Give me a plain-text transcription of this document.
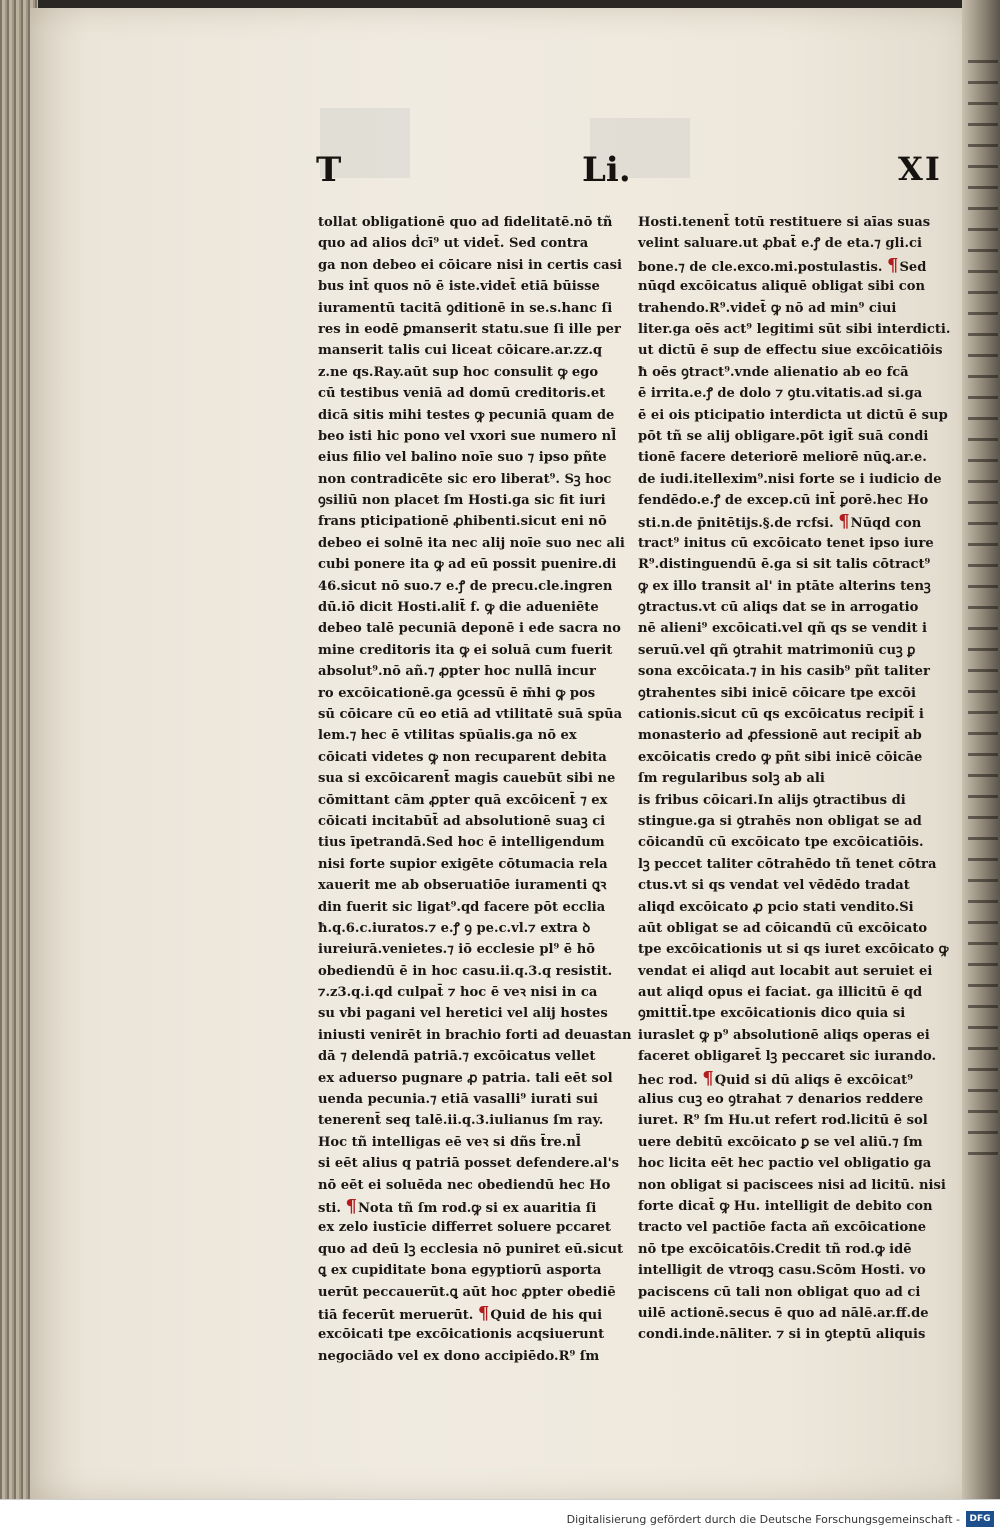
T	Li.	XI
tollat obligationē quo ad fidelitatē.nō tñ
quo ad alios ḋcī⁹ ut videt̄. Sed contra
ga non debeo ei cōicare nisi in certis casi
bus int̄ quos nō ē iste.videt̄ etiā būisse
iuramentū tacitā ꝯditionē in se.s.hanc ſi
res in eodē ꝑmanserit statu.sue ſi ille per
manserit talis cui liceat cōicare.ar.zz.q
z.ne qs.Ray.aūt sup hoc consulit ꝙ ego
cū testibus veniā ad domū creditoris.et
dicā sitis mihi testes ꝙ pecuniā quam de
beo isti hic pono vel vxori sue numero nl̄
eius filio vel balino noīe suo ⁊ ipso pñte
non contradicēte sic ero liberat⁹. Sꝫ hoc
ꝯsiliū non placet ſm Hosti.ga sic fit iuri
frans pticipationē ꝓhibenti.sicut eni nō
debeo ei solnē ita nec alij noīe suo nec ali
cubi ponere ita ꝙ ad eū possit puenire.di
46.sicut nō suo.⁊ e.ꝭ de precu.cle.ingren
dū.iō dicit Hosti.alit̄ f. ꝙ die adueniēte
debeo talē pecuniā deponē i ede sacra no
mine creditoris ita ꝙ ei soluā cum fuerit
absolut⁹.nō añ.⁊ ꝓpter hoc nullā incur
ro excōicationē.ga ꝯcessū ē m̄hi ꝙ pos
sū cōicare cū eo etiā ad vtilitatē suā spūa
lem.⁊ hec ē vtilitas spūalis.ga nō ex
cōicati videtes ꝙ non recuparent debita
sua si excōicarent̄ magis cauebūt sibi ne
cōmittant cām ꝓpter quā excōicent̄ ⁊ ex
cōicati incitabūt̄ ad absolutionē suaꝫ ci
tius īpetrandā.Sed hoc ē intelligendum
nisi forte supior exigēte cōtumacia rela
xauerit me ab obseruatiōe iuramenti ꝗꝛ
din fuerit sic ligat⁹.qd facere pōt ecclia
ħ.q.6.c.iuratos.⁊ e.ꝭ ꝯ pe.c.vl.⁊ extra ꝺ
iureiurā.venietes.⁊ iō ecclesie pl⁹ ē hō
obediendū ē in hoc casu.ii.q.3.q resistit.
⁊.z3.q.i.qd culpat̄ ⁊ hoc ē veꝛ nisi in ca
su vbi pagani vel heretici vel alij hostes
iniusti venirēt in brachio forti ad deuastan
dā ⁊ delendā patriā.⁊ excōicatus vellet
ex aduerso pugnare ꝓ patria. tali eēt sol
uenda pecunia.⁊ etiā vasalli⁹ iurati sui
tenerent̄ seq talē.ii.q.3.iulianus ſm ray.
Hoc tñ intelligas eē veꝛ si dñs t̄re.nl̄
si eēt alius q patriā posset defendere.al's
nō eēt ei soluēda nec obediendū hec Ho
sti. ¶Nota tñ ſm rod.ꝙ si ex auaritia ſi
ex zelo iustīcie differret soluere pcca​ret
quo ad deū lꝫ ecclesia nō puniret eū.sicut
ꝗ ex cupiditate bona egyptiorū asporta
uerūt peccauerūt.ꝗ aūt hoc ꝓpter obediē
tiā fecerūt meruerūt. ¶Quid de his qui
excōicati tpe excōicationis acqsiuerunt
negociādo vel ex dono accipiēdo.R⁹ ſm
Hosti.tenent̄ totū restituere si aīas suas
velint saluare.ut ꝓbat̄ e.ꝭ de eta.⁊ gli.ci
bone.⁊ de cle.exco.mi.postulastis. ¶Sed
nūqd excōicatus aliquē obligat sibi con
trahendo.R⁹.videt̄ ꝙ nō ad min⁹ ciui
liter.ga oēs act⁹ legitimi sūt sibi interdicti.
ut dictū ē sup de effectu siue excōicatiōis
ħ oēs ꝯtract⁹.vnde alienatio ab eo fcā
ē irrita.e.ꝭ de dolo ⁊ ꝯtu.vitatis.ad si.ga
ē ei ois pticipatio interdicta ut dictū ē sup
pōt tñ se alij obligare.pōt igit̄ suā condi
tionē facere deteriorē meliorē nūꝗ.ar.e.
de iudi.itellexim⁹.nisi forte se i iudicio de
fendēdo.e.ꝭ de excep.cū int̄ ꝑorē.hec Ho
sti.n.de p̄nitētijs.§.de rcfsi. ¶Nūqd con
tract⁹ initus cū excōicato tenet ipso iure
R⁹.distinguendū ē.ga si sit talis cōtract⁹
ꝙ ex illo transit al' in ptāte alterins tenꝫ
ꝯtractus.vt cū aliqs dat se in arrogatio
nē alieni⁹ excōicati.vel qñ qs se vendit i
seruū.vel qñ ꝯtrahit matrimoniū cuꝫ ꝑ
sona excōicata.⁊ in his casib⁹ pñt taliter
ꝯtrahentes sibi inicē cōicare tpe excōi
cationis.sicut cū qs excōicatus recipit̄ i
monasterio ad ꝓfessionē aut recipit̄ ab
excōicatis credo ꝙ pñt sibi inicē cōicāe
ſm regularibus solꝫ ab ali
is fribus cōicari.In alijs ꝯtractibus di
stingue.ga si ꝯtrahēs non obligat se ad
cōicandū cū excōicato tpe excōicatiōis.
lꝫ peccet taliter cōtrahēdo tñ tenet cōtra
ctus.vt si qs vendat vel vēdēdo tradat
aliqd excōicato ꝓ pcio stati vendito.Si
aūt obligat se ad cōicandū cū excōicato
tpe excōicationis ut si qs iuret excōicato ꝙ
vendat ei aliqd aut locabit aut seruiet ei
aut aliqd opus ei faciat. ga illicitū ē qd
ꝯmittit̄.tpe excōicationis dico quia si
iuraslet ꝙ p⁹ absolutionē aliqs operas ei
faceret obligaret̄ lꝫ peccaret sic iurando.
hec rod. ¶Quid si dū aliqs ē excōicat⁹
alius cuꝫ eo ꝯtrahat ⁊ denarios reddere
iuret. R⁹ ſm Hu.ut refert rod.licitū ē sol
uere debitū excōicato ꝑ se vel aliū.⁊ ſm
hoc licita eēt hec pactio vel obligatio ga
non obligat si paciscees nisi ad licitū. nisi
forte dicat̄ ꝙ Hu. intelligit de debito con
tracto vel pactiōe facta añ excōicatione
nō tpe excōicatōis.Credit tñ rod.ꝙ idē
intelligit de vtroqꝫ casu.Scōm Hosti. vo
paciscens cū tali non obligat quo ad ci
uilē actionē.secus ē quo ad nālē.ar.ff.de
condi.inde.nāliter. ⁊ si in ꝯteptū aliquis
Digitalisierung gefördert durch die Deutsche Forschungsgemeinschaft -	DFG
